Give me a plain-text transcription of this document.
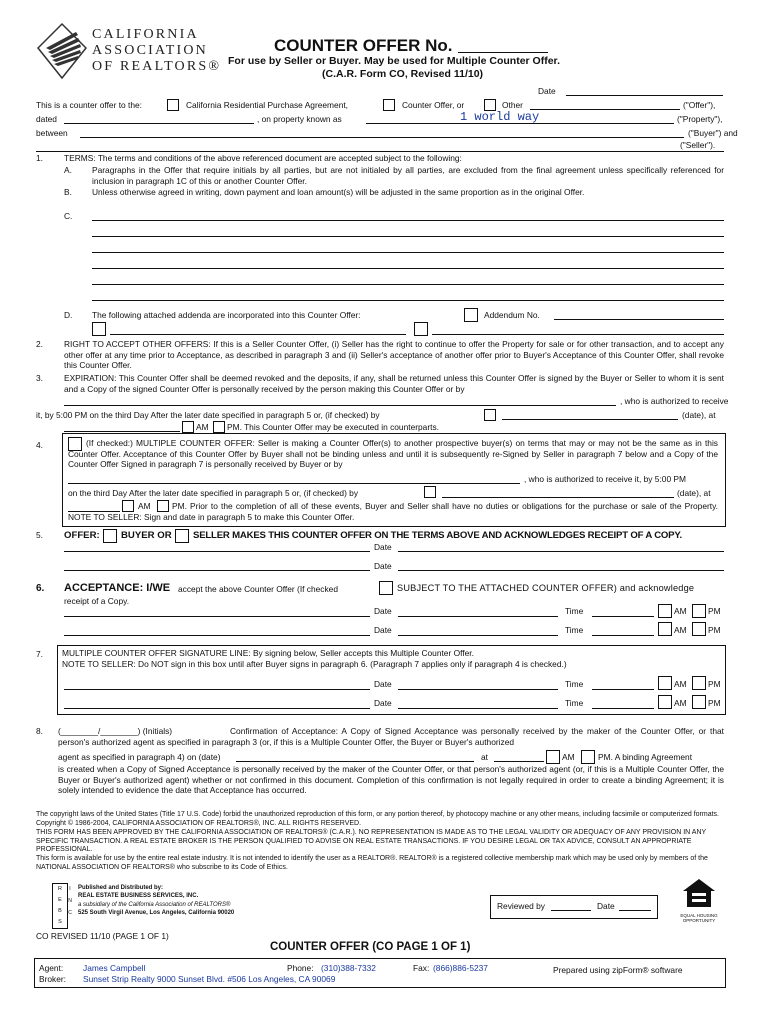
CALIFORNIA
ASSOCIATION
OF REALTORS®
COUNTER OFFER No.
For use by Seller or Buyer. May be used for Multiple Counter Offer.
(C.A.R. Form CO, Revised 11/10)
Date
This is a counter offer to the:	California Residential Purchase Agreement,	Counter Offer, or	Other	("Offer"),
dated	, on property known as	1 world way	("Property"),
between	("Buyer") and
("Seller").
1.	TERMS: The terms and conditions of the above referenced document are accepted subject to the following:
A. Paragraphs in the Offer that require initials by all parties, but are not initialed by all parties, are excluded from the final agreement unless specifically referenced for inclusion in paragraph 1C of this or another Counter Offer.
B. Unless otherwise agreed in writing, down payment and loan amount(s) will be adjusted in the same proportion as in the original Offer.
C.
D. The following attached addenda are incorporated into this Counter Offer:	Addendum No.
2.	RIGHT TO ACCEPT OTHER OFFERS: If this is a Seller Counter Offer, (i) Seller has the right to continue to offer the Property for sale or for other transaction, and to accept any other offer at any time prior to Acceptance, as described in paragraph 3 and (ii) Seller's acceptance of another offer prior to Buyer's Acceptance of this Counter Offer, shall revoke this Counter Offer.
3.	EXPIRATION: This Counter Offer shall be deemed revoked and the deposits, if any, shall be returned unless this Counter Offer is signed by the Buyer or Seller to whom it is sent and a Copy of the signed Counter Offer is personally received by the person making this Counter Offer or by
, who is authorized to receive
it, by 5:00 PM on the third Day After the later date specified in paragraph 5 or, (if checked) by	(date), at
AM PM. This Counter Offer may be executed in counterparts.
4.	(If checked:) MULTIPLE COUNTER OFFER: Seller is making a Counter Offer(s) to another prospective buyer(s) on terms that may or may not be the same as in this Counter Offer. Acceptance of this Counter Offer by Buyer shall not be binding unless and until it is subsequently re-Signed by Seller in paragraph 7 below and a Copy of the Counter Offer Signed in paragraph 7 is personally received by Buyer or by
, who is authorized to receive it, by 5:00 PM
on the third Day After the later date specified in paragraph 5 or, (if checked) by	(date), at
AM	PM. Prior to the completion of all of these events, Buyer and Seller shall have no duties or obligations for the purchase or sale of the Property. NOTE TO SELLER: Sign and date in paragraph 5 to make this Counter Offer.
5. OFFER: BUYER OR SELLER MAKES THIS COUNTER OFFER ON THE TERMS ABOVE AND ACKNOWLEDGES RECEIPT OF A COPY.
Date
Date
6. ACCEPTANCE: I/WE accept the above Counter Offer (If checked	SUBJECT TO THE ATTACHED COUNTER OFFER) and acknowledge
receipt of a Copy.
Date	Time	AM	PM
Date	Time	AM	PM
7. MULTIPLE COUNTER OFFER SIGNATURE LINE: By signing below, Seller accepts this Multiple Counter Offer.
NOTE TO SELLER: Do NOT sign in this box until after Buyer signs in paragraph 6. (Paragraph 7 applies only if paragraph 4 is checked.)
Date	Time	AM	PM
Date	Time	AM	PM
8. (________/________) (Initials)	Confirmation of Acceptance: A Copy of Signed Acceptance was personally received by the maker of the Counter Offer, or that person's authorized agent as specified in paragraph 3 (or, if this is a Multiple Counter Offer, the Buyer or Buyer's authorized
agent as specified in paragraph 4) on (date)	at	AM	PM. A binding Agreement
is created when a Copy of Signed Acceptance is personally received by the maker of the Counter Offer, or that person's authorized agent (or, if this is a Multiple Counter Offer, the Buyer or Buyer's authorized agent) whether or not confirmed in this document. Completion of this confirmation is not legally required in order to create a binding Agreement; it is solely intended to evidence the date that Acceptance has occurred.
The copyright laws of the United States (Title 17 U.S. Code) forbid the unauthorized reproduction of this form, or any portion thereof, by photocopy machine or any other means, including facsimile or computerized formats. Copyright © 1986-2004, CALIFORNIA ASSOCIATION OF REALTORS®, INC. ALL RIGHTS RESERVED.
THIS FORM HAS BEEN APPROVED BY THE CALIFORNIA ASSOCIATION OF REALTORS® (C.A.R.). NO REPRESENTATION IS MADE AS TO THE LEGAL VALIDITY OR ADEQUACY OF ANY PROVISION IN ANY SPECIFIC TRANSACTION. A REAL ESTATE BROKER IS THE PERSON QUALIFIED TO ADVISE ON REAL ESTATE TRANSACTIONS. IF YOU DESIRE LEGAL OR TAX ADVICE, CONSULT AN APPROPRIATE PROFESSIONAL.
This form is available for use by the entire real estate industry. It is not intended to identify the user as a REALTOR®. REALTOR® is a registered collective membership mark which may be used only by members of the NATIONAL ASSOCIATION OF REALTORS® who subscribe to its Code of Ethics.
R
E
B
S
I
N
C
Published and Distributed by:
REAL ESTATE BUSINESS SERVICES, INC.
a subsidiary of the California Association of REALTORS®
525 South Virgil Avenue, Los Angeles, California 90020
Reviewed by	Date
EQUAL HOUSING OPPORTUNITY
CO REVISED 11/10 (PAGE 1 OF 1)
COUNTER OFFER (CO PAGE 1 OF 1)
Agent: James Campbell	Phone: (310)388-7332	Fax: (866)886-5237	Prepared using zipForm® software
Broker: Sunset Strip Realty 9000 Sunset Blvd. #506 Los Angeles, CA 90069
